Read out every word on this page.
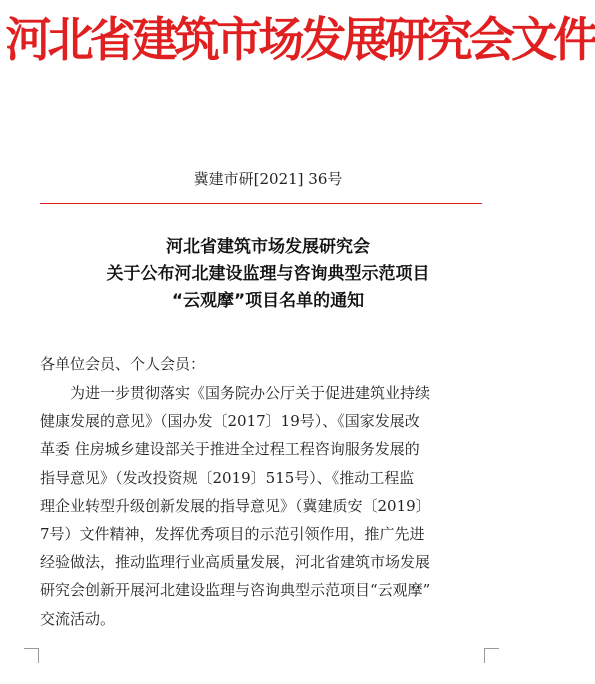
河北省建筑市场发展研究会文件
冀建市研[2021] 36号
河北省建筑市场发展研究会
关于公布河北建设监理与咨询典型示范项目
“云观摩”项目名单的通知
各单位会员、个人会员：
为进一步贯彻落实《国务院办公厅关于促进建筑业持续
健康发展的意见》（国办发〔2017〕19号）、《国家发展改
革委 住房城乡建设部关于推进全过程工程咨询服务发展的
指导意见》（发改投资规〔2019〕515号）、《推动工程监
理企业转型升级创新发展的指导意见》（冀建质安〔2019〕
7号）文件精神，发挥优秀项目的示范引领作用，推广先进
经验做法，推动监理行业高质量发展，河北省建筑市场发展
研究会创新开展河北建设监理与咨询典型示范项目“云观摩”
交流活动。
